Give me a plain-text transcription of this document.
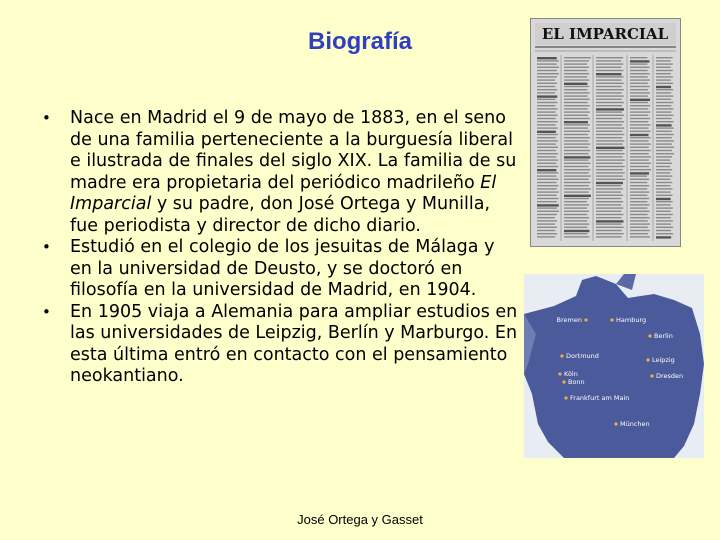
Biografía
• Nace en Madrid el 9 de mayo de 1883, en el seno de una familia perteneciente a la burguesía liberal e ilustrada de finales del siglo XIX. La familia de su madre era propietaria del periódico madrileño El Imparcial y su padre, don José Ortega y Munilla, fue periodista y director de dicho diario.
• Estudió en el colegio de los jesuitas de Málaga y en la universidad de Deusto, y se doctoró en filosofía en la universidad de Madrid, en 1904.
• En 1905 viaja a Alemania para ampliar estudios en las universidades de Leipzig, Berlín y Marburgo. En esta última entró en contacto con el pensamiento neokantiano.
EL IMPARCIAL
Bremen	Hamburg
Berlin
Dortmund	Leipzig
Köln
Bonn
Dresden
Frankfurt am Main
München
José Ortega y Gasset
